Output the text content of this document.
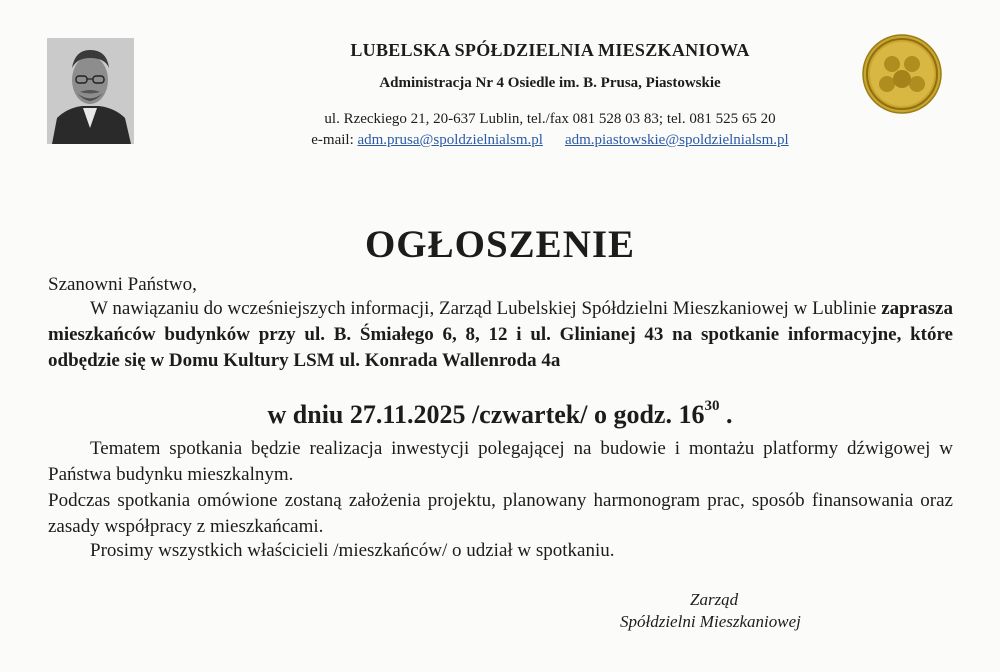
LUBELSKA SPÓŁDZIELNIA MIESZKANIOWA
Administracja Nr 4 Osiedle im. B. Prusa, Piastowskie
ul. Rzeckiego 21, 20-637 Lublin, tel./fax 081 528 03 83; tel. 081 525 65 20
e-mail: adm.prusa@spoldzielnialsm.pl adm.piastowskie@spoldzielnialsm.pl
OGŁOSZENIE
Szanowni Państwo,
W nawiązaniu do wcześniejszych informacji, Zarząd Lubelskiej Spółdzielni Mieszkaniowej w Lublinie zaprasza mieszkańców budynków przy ul. B. Śmiałego 6, 8, 12 i ul. Glinianej 43 na spotkanie informacyjne, które odbędzie się w Domu Kultury LSM ul. Konrada Wallenroda 4a
w dniu 27.11.2025 /czwartek/ o godz. $16^{30}$ .
Tematem spotkania będzie realizacja inwestycji polegającej na budowie i montażu platformy dźwigowej w Państwa budynku mieszkalnym.
Podczas spotkania omówione zostaną założenia projektu, planowany harmonogram prac, sposób finansowania oraz zasady współpracy z mieszkańcami.
Prosimy wszystkich właścicieli /mieszkańców/ o udział w spotkaniu.
Zarząd
Spółdzielni Mieszkaniowej
